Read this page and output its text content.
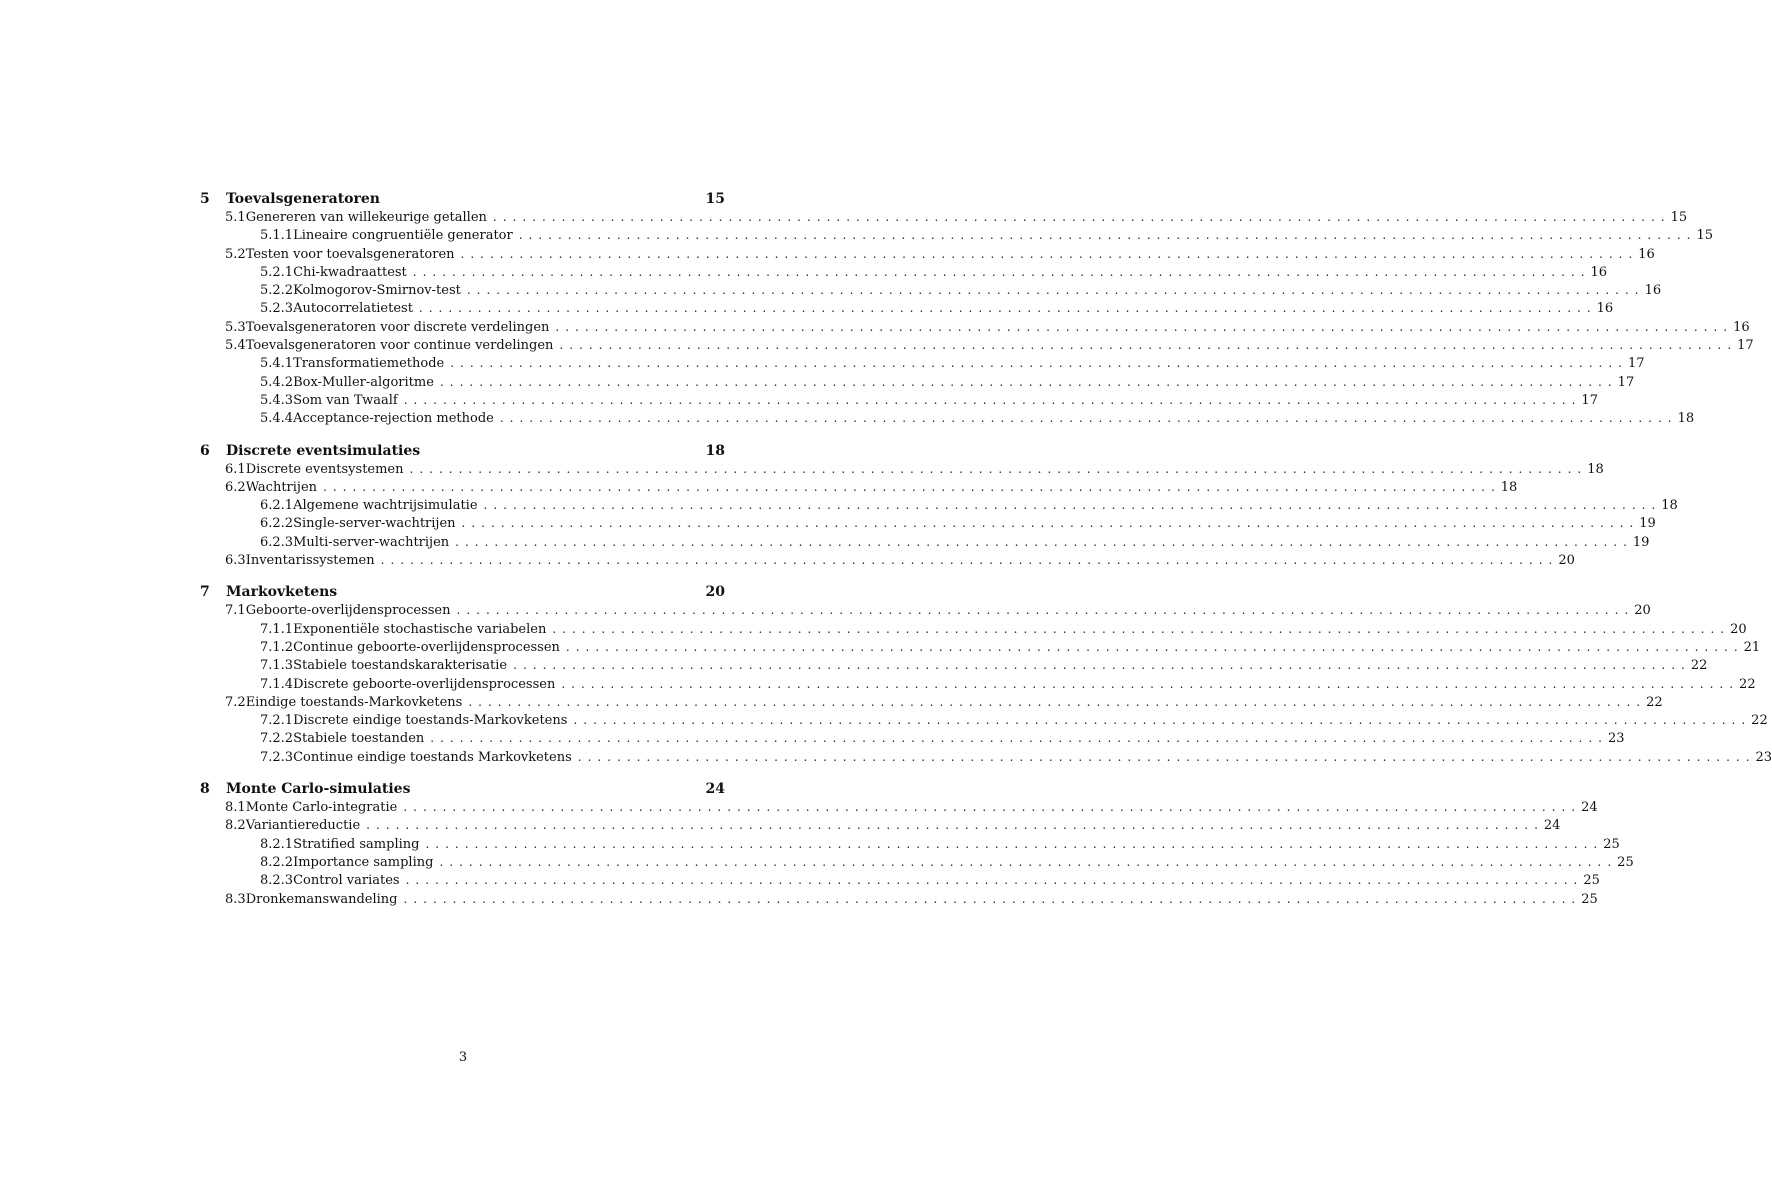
5	Toevalsgeneratoren	15
5.1 Genereren van willekeurige getallen ........................................................................................................................ 15
5.1.1 Lineaire congruentiële generator ........................................................................................................................ 15
5.2 Testen voor toevalsgeneratoren ........................................................................................................................ 16
5.2.1 Chi-kwadraattest ........................................................................................................................ 16
5.2.2 Kolmogorov-Smirnov-test ........................................................................................................................ 16
5.2.3 Autocorrelatietest ........................................................................................................................ 16
5.3 Toevalsgeneratoren voor discrete verdelingen ........................................................................................................................ 16
5.4 Toevalsgeneratoren voor continue verdelingen ........................................................................................................................ 17
5.4.1 Transformatiemethode ........................................................................................................................ 17
5.4.2 Box-Muller-algoritme ........................................................................................................................ 17
5.4.3 Som van Twaalf ........................................................................................................................ 17
5.4.4 Acceptance-rejection methode ........................................................................................................................ 18
6	Discrete eventsimulaties	18
6.1 Discrete eventsystemen ........................................................................................................................ 18
6.2 Wachtrijen ........................................................................................................................ 18
6.2.1 Algemene wachtrijsimulatie ........................................................................................................................ 18
6.2.2 Single-server-wachtrijen ........................................................................................................................ 19
6.2.3 Multi-server-wachtrijen ........................................................................................................................ 19
6.3 Inventarissystemen ........................................................................................................................ 20
7	Markovketens	20
7.1 Geboorte-overlijdensprocessen ........................................................................................................................ 20
7.1.1 Exponentiële stochastische variabelen ........................................................................................................................ 20
7.1.2 Continue geboorte-overlijdensprocessen ........................................................................................................................ 21
7.1.3 Stabiele toestandskarakterisatie ........................................................................................................................ 22
7.1.4 Discrete geboorte-overlijdensprocessen ........................................................................................................................ 22
7.2 Eindige toestands-Markovketens ........................................................................................................................ 22
7.2.1 Discrete eindige toestands-Markovketens ........................................................................................................................ 22
7.2.2 Stabiele toestanden ........................................................................................................................ 23
7.2.3 Continue eindige toestands Markovketens ........................................................................................................................ 23
8	Monte Carlo-simulaties	24
8.1 Monte Carlo-integratie ........................................................................................................................ 24
8.2 Variantiereductie ........................................................................................................................ 24
8.2.1 Stratified sampling ........................................................................................................................ 25
8.2.2 Importance sampling ........................................................................................................................ 25
8.2.3 Control variates ........................................................................................................................ 25
8.3 Dronkemanswandeling ........................................................................................................................ 25
3
